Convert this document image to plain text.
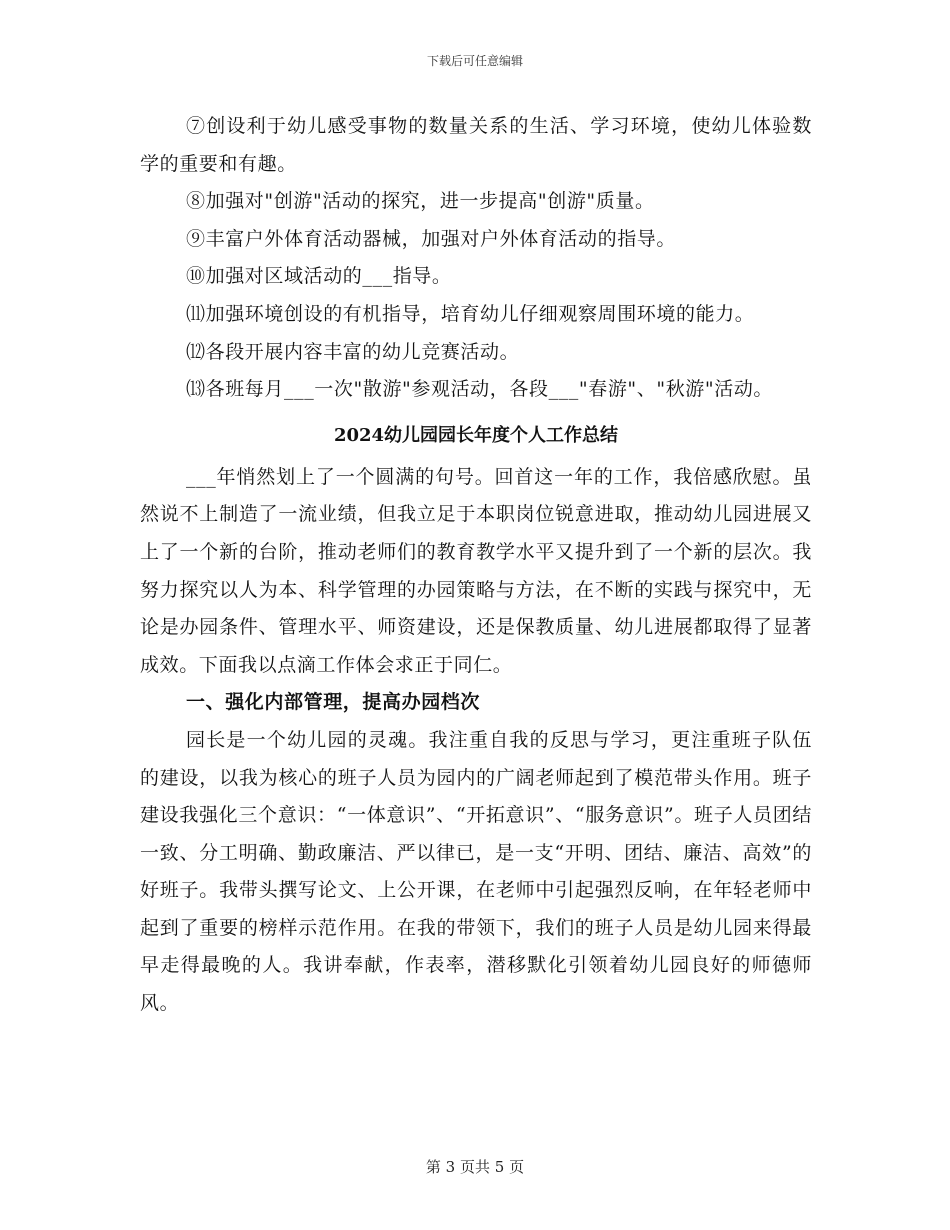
下载后可任意编辑

⑦创设利于幼儿感受事物的数量关系的生活、学习环境，使幼儿体验数学的重要和有趣。

⑧加强对"创游"活动的探究，进一步提高"创游"质量。

⑨丰富户外体育活动器械，加强对户外体育活动的指导。

⑩加强对区域活动的___指导。

⑾加强环境创设的有机指导，培育幼儿仔细观察周围环境的能力。

⑿各段开展内容丰富的幼儿竞赛活动。

⒀各班每月___一次"散游"参观活动，各段___"春游"、"秋游"活动。

2024幼儿园园长年度个人工作总结

___年悄然划上了一个圆满的句号。回首这一年的工作，我倍感欣慰。虽然说不上制造了一流业绩，但我立足于本职岗位锐意进取，推动幼儿园进展又上了一个新的台阶，推动老师们的教育教学水平又提升到了一个新的层次。我努力探究以人为本、科学管理的办园策略与方法，在不断的实践与探究中，无论是办园条件、管理水平、师资建设，还是保教质量、幼儿进展都取得了显著成效。下面我以点滴工作体会求正于同仁。

一、强化内部管理，提高办园档次

园长是一个幼儿园的灵魂。我注重自我的反思与学习，更注重班子队伍的建设，以我为核心的班子人员为园内的广阔老师起到了模范带头作用。班子建设我强化三个意识：“一体意识”、“开拓意识”、“服务意识”。班子人员团结一致、分工明确、勤政廉洁、严以律已，是一支“开明、团结、廉洁、高效”的好班子。我带头撰写论文、上公开课，在老师中引起强烈反响，在年轻老师中起到了重要的榜样示范作用。在我的带领下，我们的班子人员是幼儿园来得最早走得最晚的人。我讲奉献，作表率，潜移默化引领着幼儿园良好的师德师风。

第 3 页共 5 页
